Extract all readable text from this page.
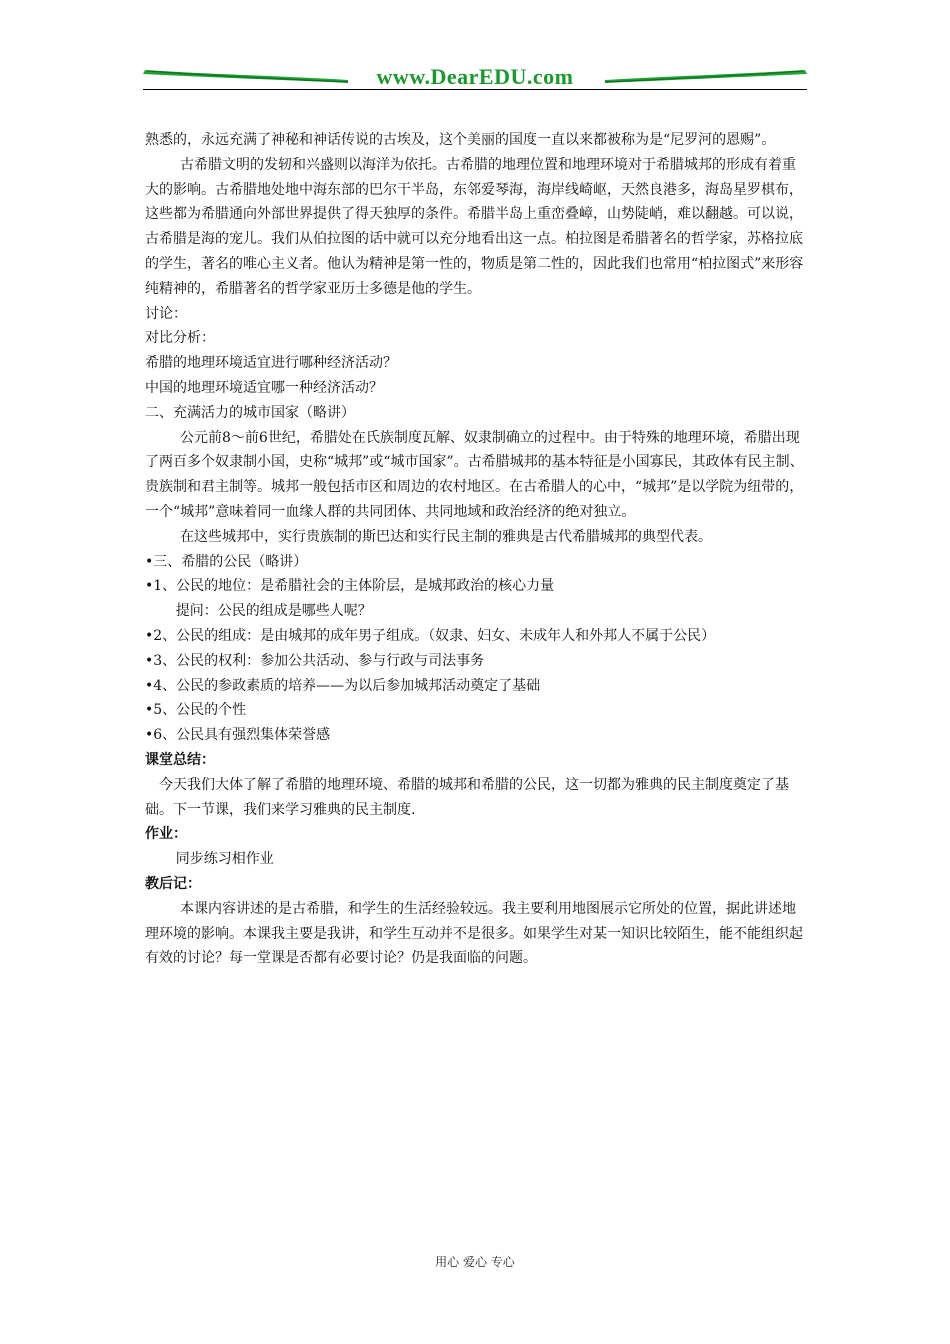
www.DearEDU.com

熟悉的，永远充满了神秘和神话传说的古埃及，这个美丽的国度一直以来都被称为是“尼罗河的恩赐”。

古希腊文明的发轫和兴盛则以海洋为依托。古希腊的地理位置和地理环境对于希腊城邦的形成有着重大的影响。古希腊地处地中海东部的巴尔干半岛，东邻爱琴海，海岸线崎岖，天然良港多，海岛星罗棋布，这些都为希腊通向外部世界提供了得天独厚的条件。希腊半岛上重峦叠嶂，山势陡峭，难以翻越。可以说，古希腊是海的宠儿。我们从伯拉图的话中就可以充分地看出这一点。柏拉图是希腊著名的哲学家，苏格拉底的学生，著名的唯心主义者。他认为精神是第一性的，物质是第二性的，因此我们也常用“柏拉图式”来形容纯精神的，希腊著名的哲学家亚历士多德是他的学生。

讨论：

对比分析：

希腊的地理环境适宜进行哪种经济活动？

中国的地理环境适宜哪一种经济活动？

二、充满活力的城市国家（略讲）

公元前8～前6世纪，希腊处在氏族制度瓦解、奴隶制确立的过程中。由于特殊的地理环境，希腊出现了两百多个奴隶制小国，史称“城邦”或“城市国家”。古希腊城邦的基本特征是小国寡民，其政体有民主制、贵族制和君主制等。城邦一般包括市区和周边的农村地区。在古希腊人的心中，“城邦”是以学院为纽带的，一个“城邦”意味着同一血缘人群的共同团体、共同地域和政治经济的绝对独立。

在这些城邦中，实行贵族制的斯巴达和实行民主制的雅典是古代希腊城邦的典型代表。

•三、希腊的公民（略讲）

•1、公民的地位：是希腊社会的主体阶层，是城邦政治的核心力量

提问：公民的组成是哪些人呢？

•2、公民的组成：是由城邦的成年男子组成。（奴隶、妇女、未成年人和外邦人不属于公民）

•3、公民的权利：参加公共活动、参与行政与司法事务

•4、公民的参政素质的培养——为以后参加城邦活动奠定了基础

•5、公民的个性

•6、公民具有强烈集体荣誉感

课堂总结：

今天我们大体了解了希腊的地理环境、希腊的城邦和希腊的公民，这一切都为雅典的民主制度奠定了基础。下一节课，我们来学习雅典的民主制度.

作业：

同步练习相作业

教后记：

本课内容讲述的是古希腊，和学生的生活经验较远。我主要利用地图展示它所处的位置，据此讲述地理环境的影响。本课我主要是我讲，和学生互动并不是很多。如果学生对某一知识比较陌生，能不能组织起有效的讨论？每一堂课是否都有必要讨论？仍是我面临的问题。

用心 爱心 专心
